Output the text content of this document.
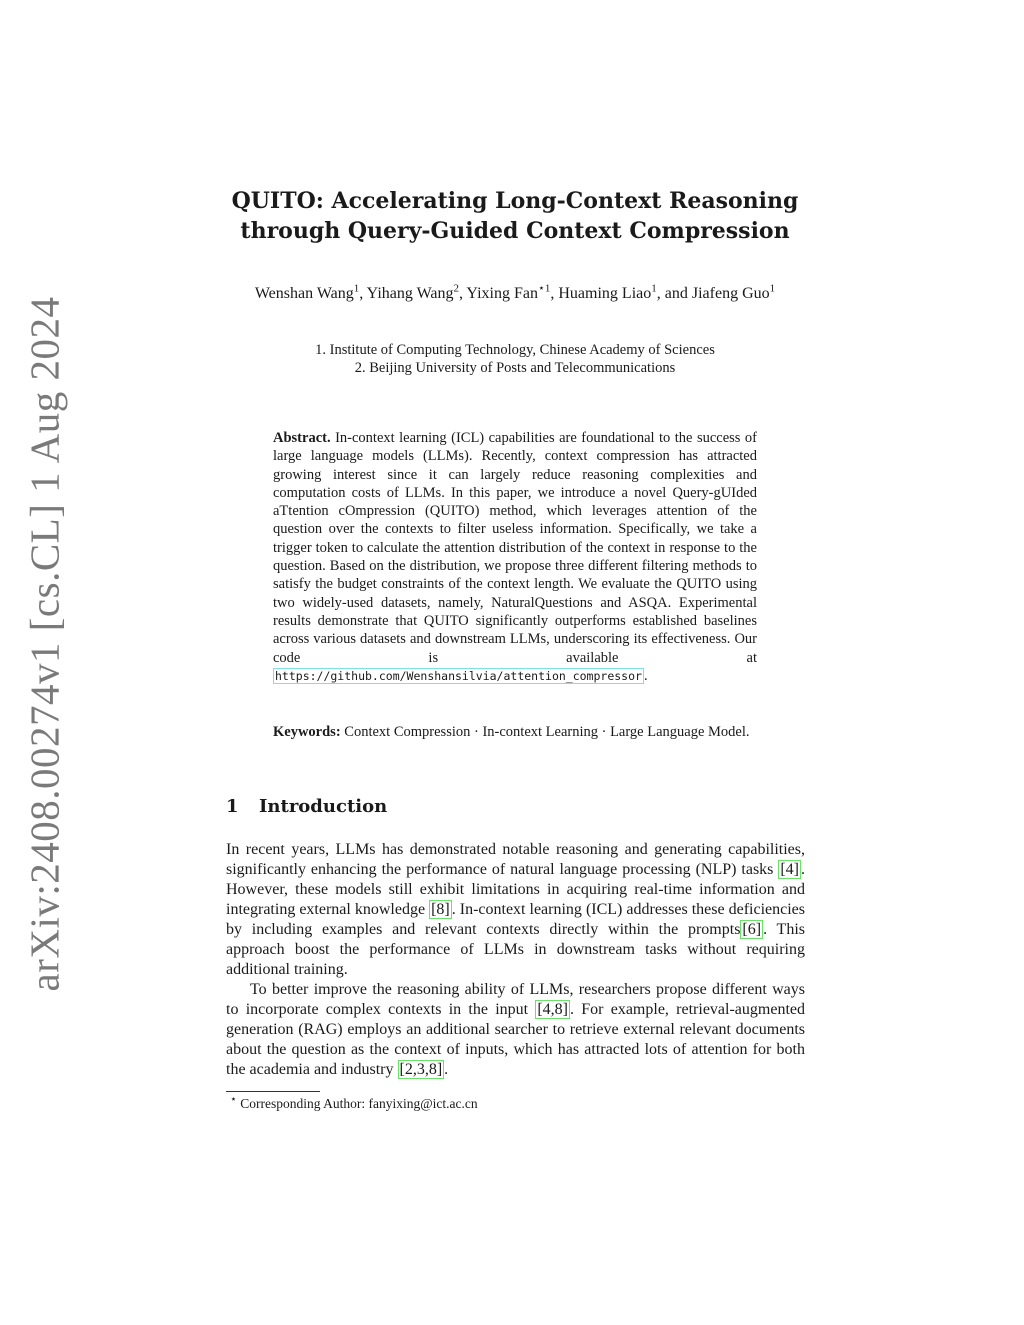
arXiv:2408.00274v1 [cs.CL] 1 Aug 2024
QUITO: Accelerating Long-Context Reasoning
through Query-Guided Context Compression
Wenshan Wang$^1$, Yihang Wang$^2$, Yixing Fan$^{⋆1}$, Huaming Liao$^1$, and Jiafeng Guo$^1$
1. Institute of Computing Technology, Chinese Academy of Sciences
2. Beijing University of Posts and Telecommunications
Abstract. In-context learning (ICL) capabilities are foundational to the success of large language models (LLMs). Recently, context compression has attracted growing interest since it can largely reduce reasoning complexities and computation costs of LLMs. In this paper, we introduce a novel Query-gUIded aTtention cOmpression (QUITO) method, which leverages attention of the question over the contexts to filter useless information. Specifically, we take a trigger token to calculate the attention distribution of the context in response to the question. Based on the distribution, we propose three different filtering methods to satisfy the budget constraints of the context length. We evaluate the QUITO using two widely-used datasets, namely, NaturalQuestions and ASQA. Experimental results demonstrate that QUITO significantly outperforms established baselines across various datasets and downstream LLMs, underscoring its effectiveness. Our code is available at https://github.com/Wenshansilvia/attention_compressor .
Keywords: Context Compression · In-context Learning · Large Language Model.
1 Introduction

In recent years, LLMs has demonstrated notable reasoning and generating capabilities, significantly enhancing the performance of natural language processing (NLP) tasks [4] . However, these models still exhibit limitations in acquiring real-time information and integrating external knowledge [8] . In-context learning (ICL) addresses these deficiencies by including examples and relevant contexts directly within the prompts [6] . This approach boost the performance of LLMs in downstream tasks without requiring additional training.

To better improve the reasoning ability of LLMs, researchers propose different ways to incorporate complex contexts in the input [4,8] . For example, retrieval-augmented generation (RAG) employs an additional searcher to retrieve external relevant documents about the question as the context of inputs, which has attracted lots of attention for both the academia and industry [2,3,8] .

⋆ Corresponding Author: fanyixing@ict.ac.cn
